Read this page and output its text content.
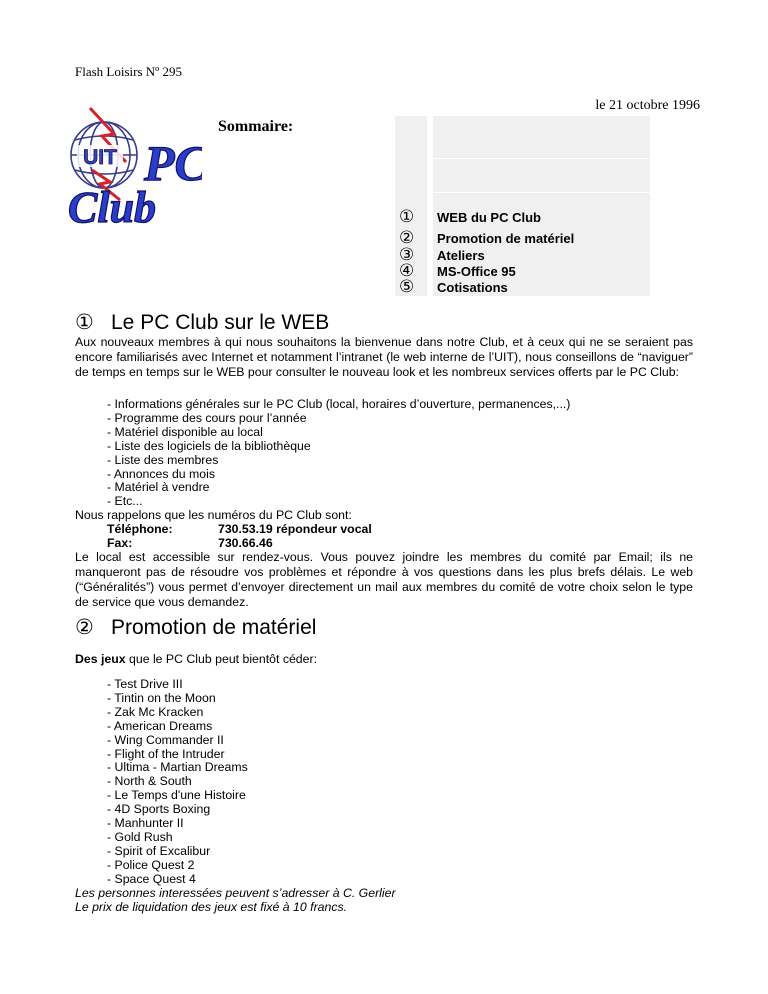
Flash Loisirs Nº 295
le 21 octobre 1996
UIT PC
Club
Sommaire:
① WEB du PC Club
② Promotion de matériel
③ Ateliers
④ MS-Office 95
⑤ Cotisations
① Le PC Club sur le WEB
Aux nouveaux membres à qui nous souhaitons la bienvenue dans notre Club, et à ceux qui ne se seraient pas encore familiarisés avec Internet et notamment l’intranet (le web interne de l’UIT), nous conseillons de “naviguer” de temps en temps sur le WEB pour consulter le nouveau look et les nombreux services offerts par le PC Club:
- Informations générales sur le PC Club (local, horaires d’ouverture, permanences,...)
- Programme des cours pour l’année
- Matériel disponible au local
- Liste des logiciels de la bibliothèque
- Liste des membres
- Annonces du mois
- Matériel à vendre
- Etc...
Nous rappelons que les numéros du PC Club sont:
Téléphone:	730.53.19 répondeur vocal
Fax:	730.66.46
Le local est accessible sur rendez-vous. Vous pouvez joindre les membres du comité par Email; ils ne manqueront pas de résoudre vos problèmes et répondre à vos questions dans les plus brefs délais. Le web (“Généralités”) vous permet d’envoyer directement un mail aux membres du comité de votre choix selon le type de service que vous demandez.
② Promotion de matériel
Des jeux que le PC Club peut bientôt céder:
- Test Drive III
- Tintin on the Moon
- Zak Mc Kracken
- American Dreams
- Wing Commander II
- Flight of the Intruder
- Ultima - Martian Dreams
- North & South
- Le Temps d'une Histoire
- 4D Sports Boxing
- Manhunter II
- Gold Rush
- Spirit of Excalibur
- Police Quest 2
- Space Quest 4
Les personnes interessées peuvent s’adresser à C. Gerlier
Le prix de liquidation des jeux est fixé à 10 francs.
